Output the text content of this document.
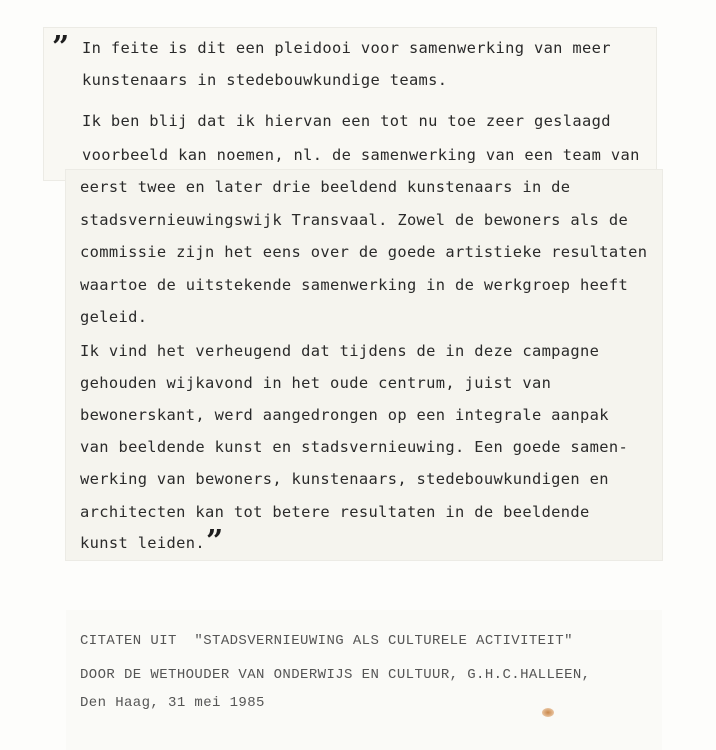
” In feite is dit een pleidooi voor samenwerking van meer
kunstenaars in stedebouwkundige teams.
Ik ben blij dat ik hiervan een tot nu toe zeer geslaagd
voorbeeld kan noemen, nl. de samenwerking van een team van
eerst twee en later drie beeldend kunstenaars in de
stadsvernieuwingswijk Transvaal. Zowel de bewoners als de
commissie zijn het eens over de goede artistieke resultaten
waartoe de uitstekende samenwerking in de werkgroep heeft
geleid.
Ik vind het verheugend dat tijdens de in deze campagne
gehouden wijkavond in het oude centrum, juist van
bewonerskant, werd aangedrongen op een integrale aanpak
van beeldende kunst en stadsvernieuwing. Een goede samen-
werking van bewoners, kunstenaars, stedebouwkundigen en
architecten kan tot betere resultaten in de beeldende
kunst leiden. ”
CITATEN UIT  "STADSVERNIEUWING ALS CULTURELE ACTIVITEIT"
DOOR DE WETHOUDER VAN ONDERWIJS EN CULTUUR, G.H.C.HALLEEN,
Den Haag, 31 mei 1985
